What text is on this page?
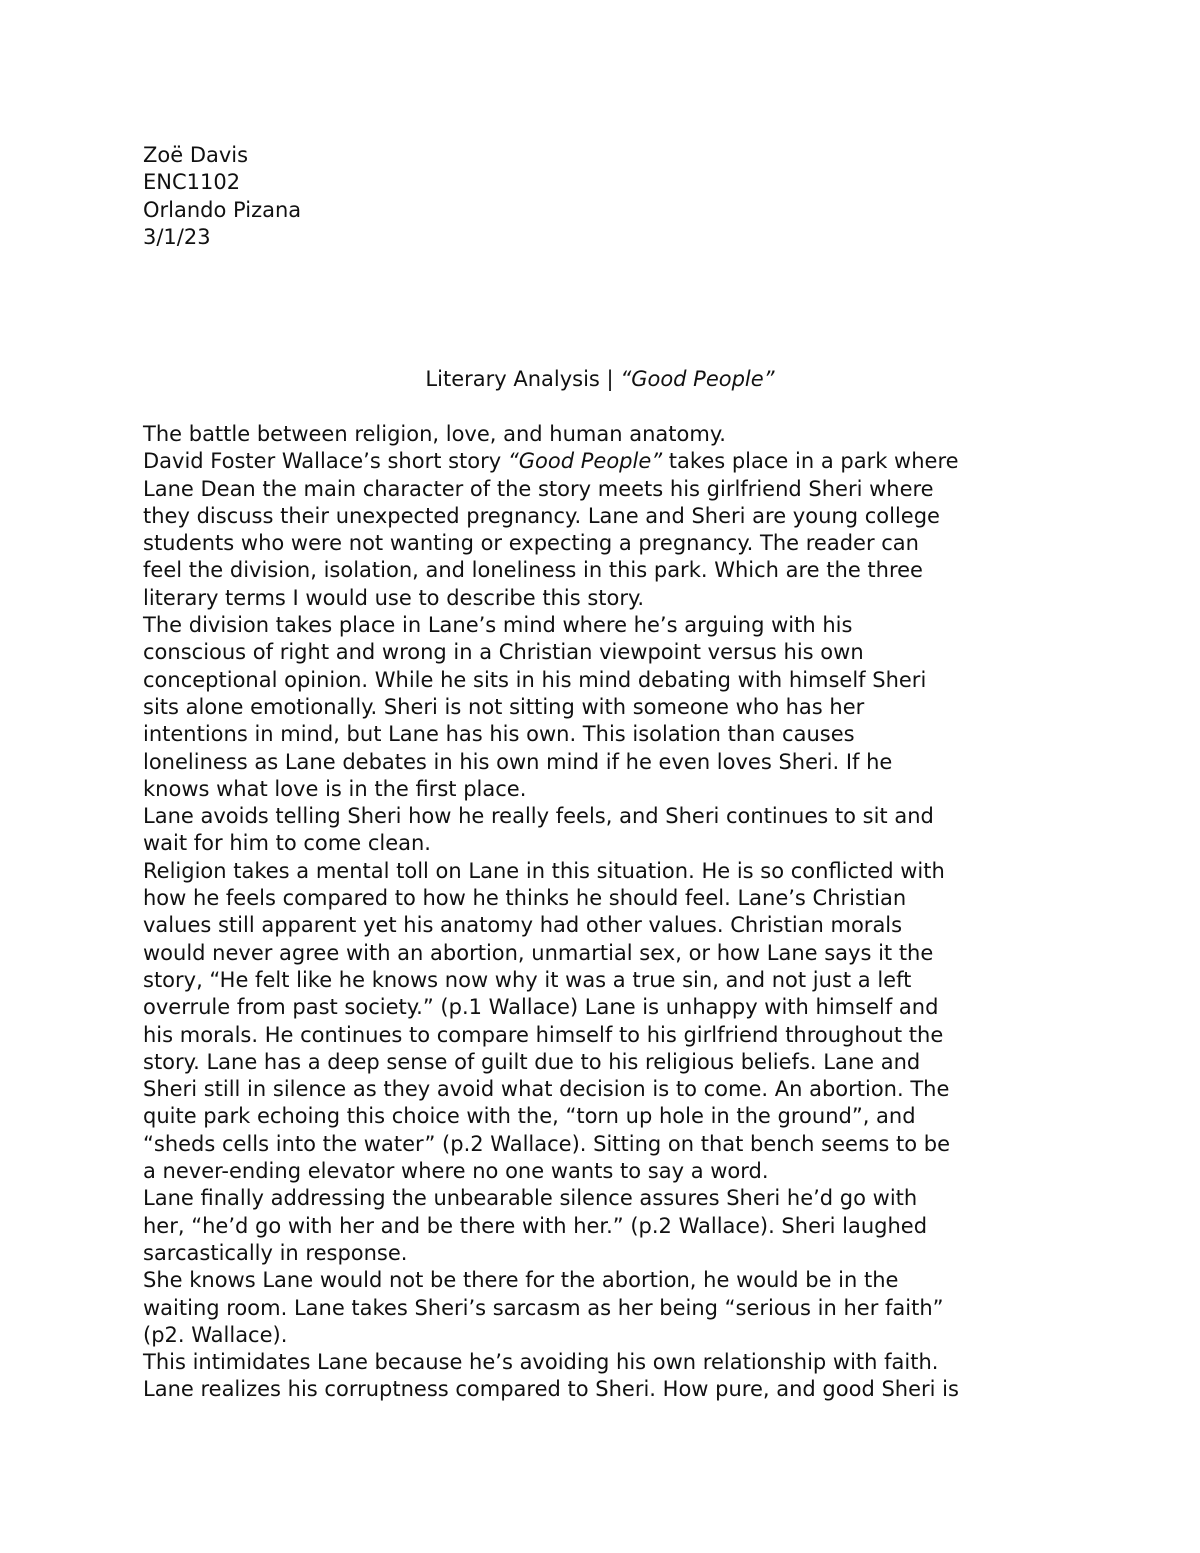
Zoë Davis
ENC1102
Orlando Pizana
3/1/23
Literary Analysis | “Good People”
The battle between religion, love, and human anatomy.
David Foster Wallace’s short story “Good People” takes place in a park where
Lane Dean the main character of the story meets his girlfriend Sheri where
they discuss their unexpected pregnancy. Lane and Sheri are young college
students who were not wanting or expecting a pregnancy. The reader can
feel the division, isolation, and loneliness in this park. Which are the three
literary terms I would use to describe this story.
The division takes place in Lane’s mind where he’s arguing with his
conscious of right and wrong in a Christian viewpoint versus his own
conceptional opinion. While he sits in his mind debating with himself Sheri
sits alone emotionally. Sheri is not sitting with someone who has her
intentions in mind, but Lane has his own. This isolation than causes
loneliness as Lane debates in his own mind if he even loves Sheri. If he
knows what love is in the first place.
Lane avoids telling Sheri how he really feels, and Sheri continues to sit and
wait for him to come clean.
Religion takes a mental toll on Lane in this situation. He is so conflicted with
how he feels compared to how he thinks he should feel. Lane’s Christian
values still apparent yet his anatomy had other values. Christian morals
would never agree with an abortion, unmartial sex, or how Lane says it the
story, “He felt like he knows now why it was a true sin, and not just a left
overrule from past society.” (p.1 Wallace) Lane is unhappy with himself and
his morals. He continues to compare himself to his girlfriend throughout the
story. Lane has a deep sense of guilt due to his religious beliefs. Lane and
Sheri still in silence as they avoid what decision is to come. An abortion. The
quite park echoing this choice with the, “torn up hole in the ground”, and
“sheds cells into the water” (p.2 Wallace). Sitting on that bench seems to be
a never-ending elevator where no one wants to say a word.
Lane finally addressing the unbearable silence assures Sheri he’d go with
her, “he’d go with her and be there with her.” (p.2 Wallace). Sheri laughed
sarcastically in response.
She knows Lane would not be there for the abortion, he would be in the
waiting room. Lane takes Sheri’s sarcasm as her being “serious in her faith”
(p2. Wallace).
This intimidates Lane because he’s avoiding his own relationship with faith.
Lane realizes his corruptness compared to Sheri. How pure, and good Sheri is
